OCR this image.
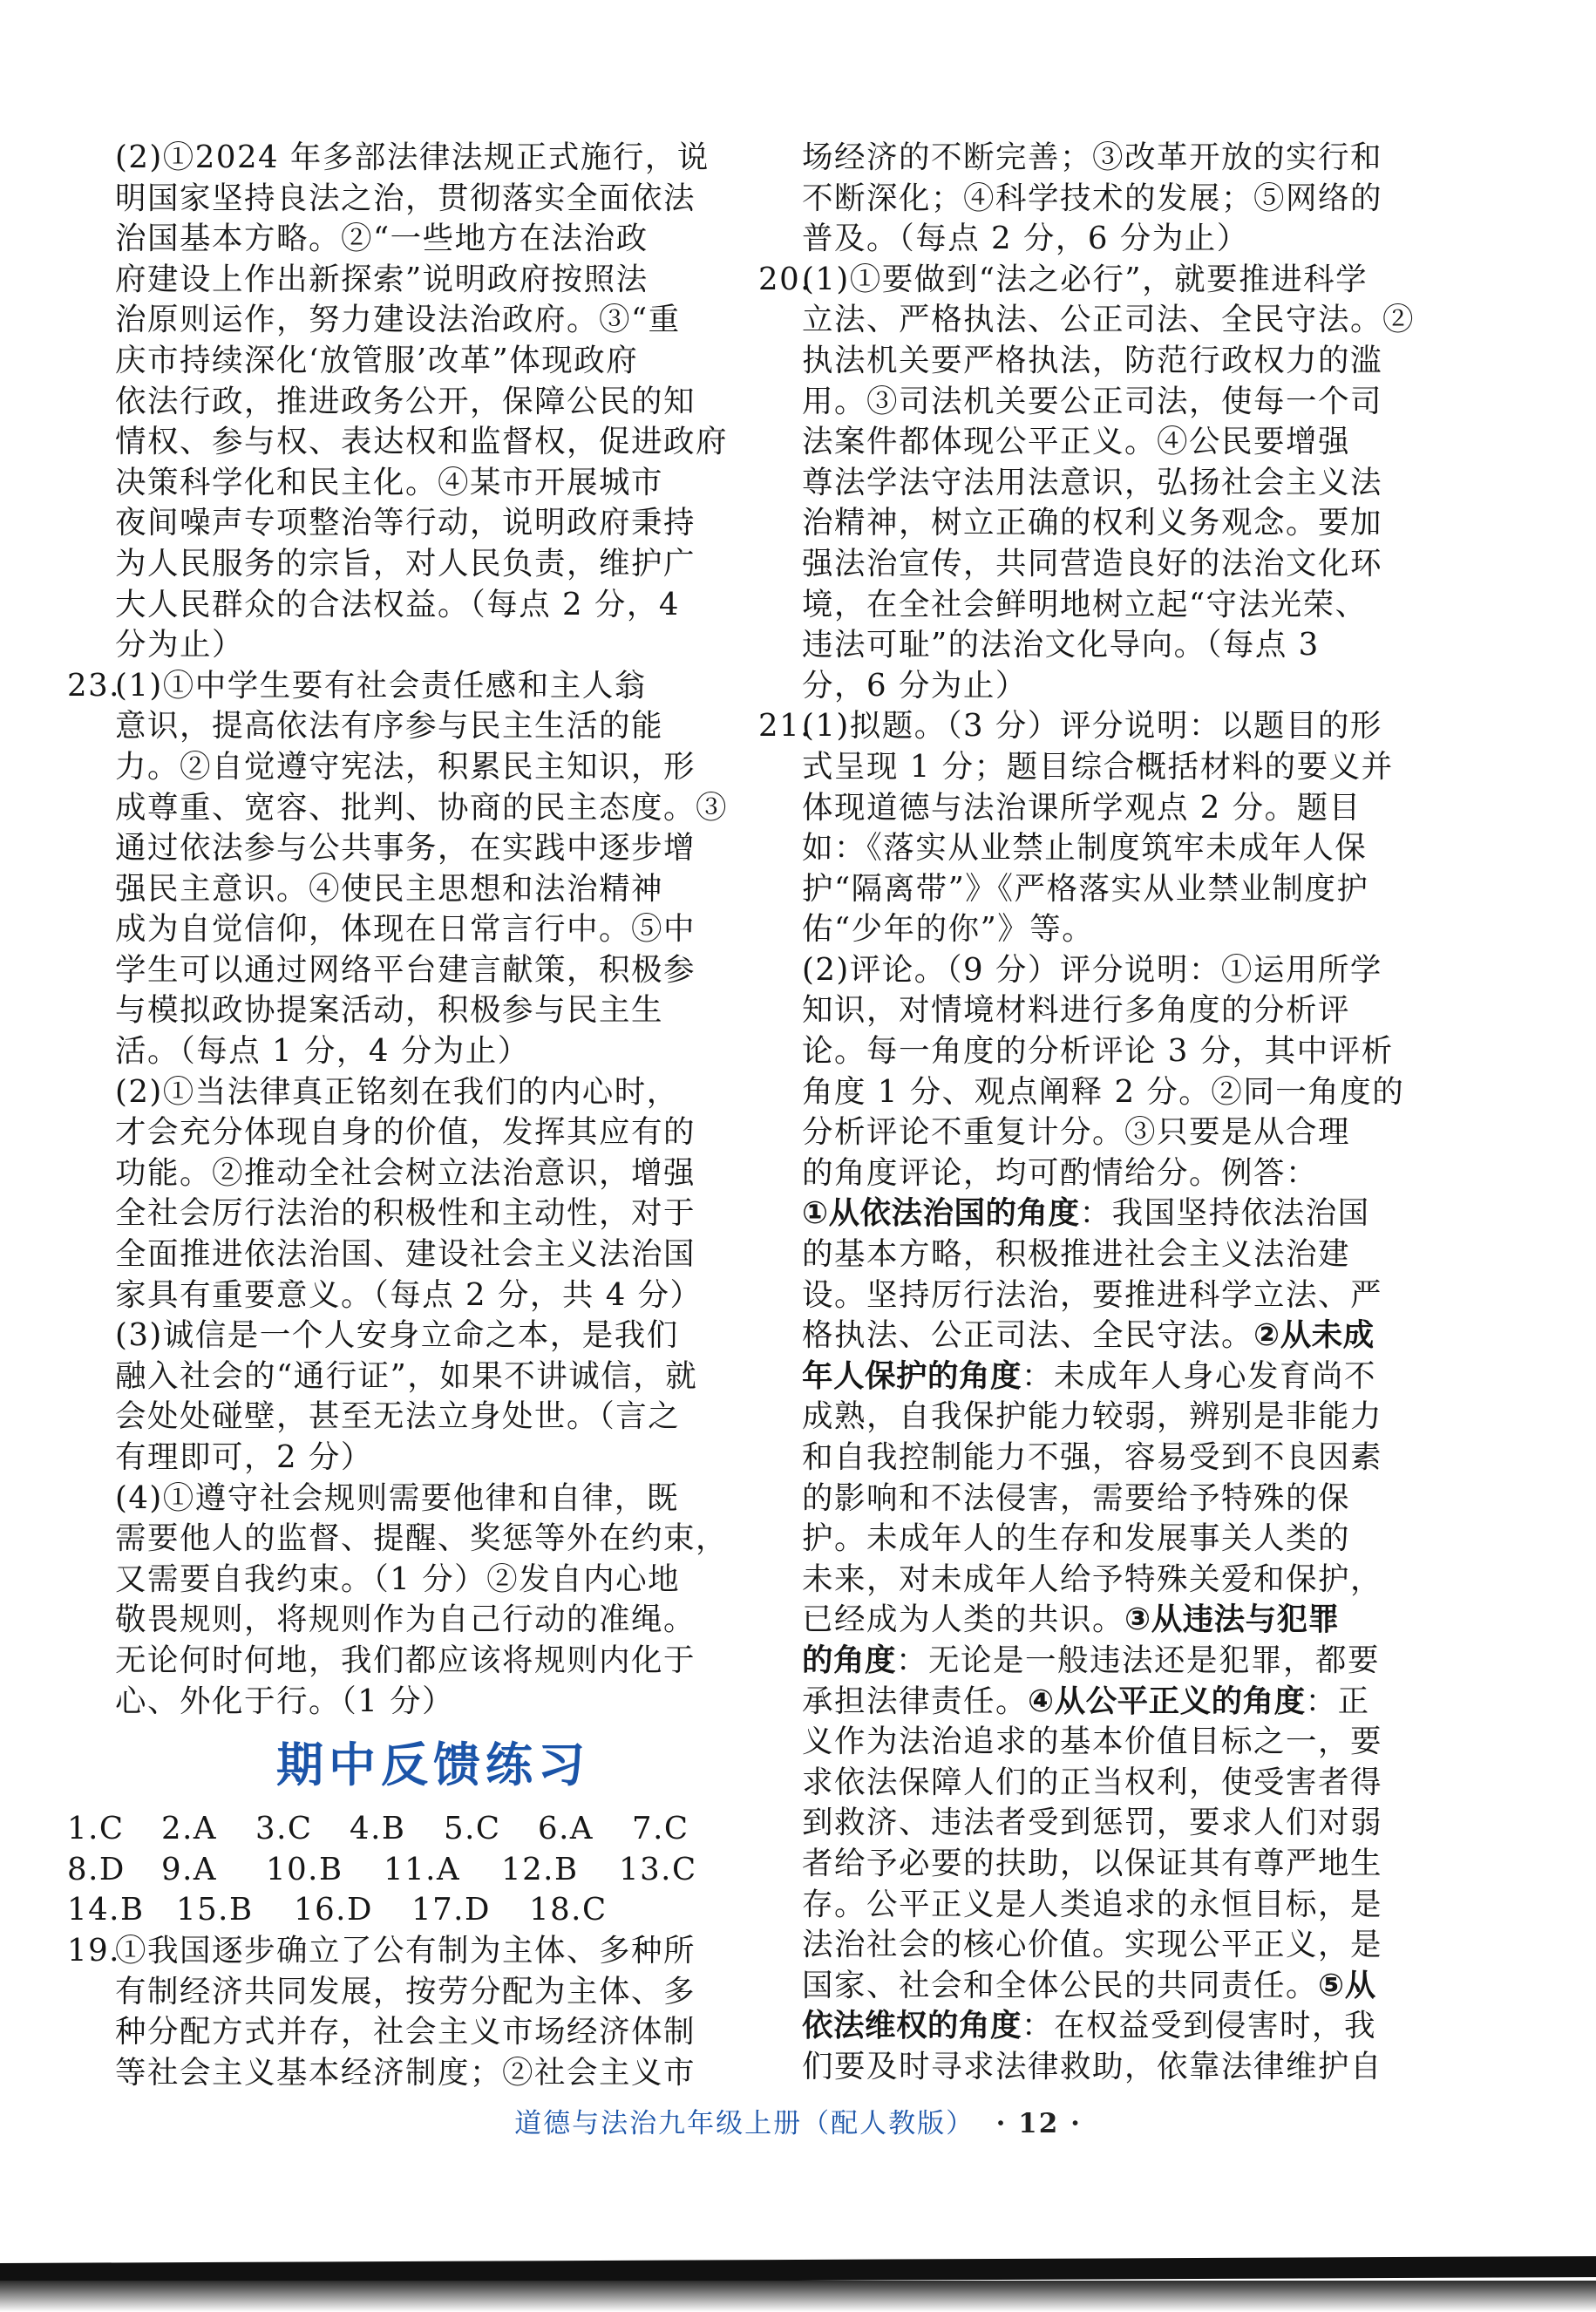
(2)①2024 年多部法律法规正式施行，说
明国家坚持良法之治，贯彻落实全面依法
治国基本方略。②“一些地方在法治政
府建设上作出新探索”说明政府按照法
治原则运作，努力建设法治政府。③“重
庆市持续深化‘放管服’改革”体现政府
依法行政，推进政务公开，保障公民的知
情权、参与权、表达权和监督权，促进政府
决策科学化和民主化。④某市开展城市
夜间噪声专项整治等行动，说明政府秉持
为人民服务的宗旨，对人民负责，维护广
大人民群众的合法权益。（每点 2 分，4
分为止）
23.
(1)①中学生要有社会责任感和主人翁
意识，提高依法有序参与民主生活的能
力。②自觉遵守宪法，积累民主知识，形
成尊重、宽容、批判、协商的民主态度。③
通过依法参与公共事务，在实践中逐步增
强民主意识。④使民主思想和法治精神
成为自觉信仰，体现在日常言行中。⑤中
学生可以通过网络平台建言献策，积极参
与模拟政协提案活动，积极参与民主生
活。（每点 1 分，4 分为止）
(2)①当法律真正铭刻在我们的内心时，
才会充分体现自身的价值，发挥其应有的
功能。②推动全社会树立法治意识，增强
全社会厉行法治的积极性和主动性，对于
全面推进依法治国、建设社会主义法治国
家具有重要意义。（每点 2 分，共 4 分）
(3)诚信是一个人安身立命之本，是我们
融入社会的“通行证”，如果不讲诚信，就
会处处碰壁，甚至无法立身处世。（言之
有理即可，2 分）
(4)①遵守社会规则需要他律和自律，既
需要他人的监督、提醒、奖惩等外在约束，
又需要自我约束。（1 分）②发自内心地
敬畏规则，将规则作为自己行动的准绳。
无论何时何地，我们都应该将规则内化于
心、外化于行。（1 分）
期中反馈练习
1.C 2.A 3.C 4.B 5.C 6.A 7.C
8.D 9.A 10.B 11.A 12.B 13.C
14.B 15.B 16.D 17.D 18.C
19.
①我国逐步确立了公有制为主体、多种所
有制经济共同发展，按劳分配为主体、多
种分配方式并存，社会主义市场经济体制
等社会主义基本经济制度；②社会主义市
场经济的不断完善；③改革开放的实行和
不断深化；④科学技术的发展；⑤网络的
普及。（每点 2 分，6 分为止）
20.
(1)①要做到“法之必行”，就要推进科学
立法、严格执法、公正司法、全民守法。②
执法机关要严格执法，防范行政权力的滥
用。③司法机关要公正司法，使每一个司
法案件都体现公平正义。④公民要增强
尊法学法守法用法意识，弘扬社会主义法
治精神，树立正确的权利义务观念。要加
强法治宣传，共同营造良好的法治文化环
境，在全社会鲜明地树立起“守法光荣、
违法可耻”的法治文化导向。（每点 3
分，6 分为止）
21.
(1)拟题。（3 分）评分说明：以题目的形
式呈现 1 分；题目综合概括材料的要义并
体现道德与法治课所学观点 2 分。题目
如：《落实从业禁止制度筑牢未成年人保
护“隔离带”》《严格落实从业禁业制度护
佑“少年的你”》等。
(2)评论。（9 分）评分说明：①运用所学
知识，对情境材料进行多角度的分析评
论。每一角度的分析评论 3 分，其中评析
角度 1 分、观点阐释 2 分。②同一角度的
分析评论不重复计分。③只要是从合理
的角度评论，均可酌情给分。例答：
①从依法治国的角度：我国坚持依法治国
的基本方略，积极推进社会主义法治建
设。坚持厉行法治，要推进科学立法、严
格执法、公正司法、全民守法。②从未成
年人保护的角度：未成年人身心发育尚不
成熟，自我保护能力较弱，辨别是非能力
和自我控制能力不强，容易受到不良因素
的影响和不法侵害，需要给予特殊的保
护。未成年人的生存和发展事关人类的
未来，对未成年人给予特殊关爱和保护，
已经成为人类的共识。③从违法与犯罪
的角度：无论是一般违法还是犯罪，都要
承担法律责任。④从公平正义的角度：正
义作为法治追求的基本价值目标之一，要
求依法保障人们的正当权利，使受害者得
到救济、违法者受到惩罚，要求人们对弱
者给予必要的扶助，以保证其有尊严地生
存。公平正义是人类追求的永恒目标，是
法治社会的核心价值。实现公平正义，是
国家、社会和全体公民的共同责任。⑤从
依法维权的角度：在权益受到侵害时，我
们要及时寻求法律救助，依靠法律维护自
道德与法治九年级上册（配人教版） · 12 ·
